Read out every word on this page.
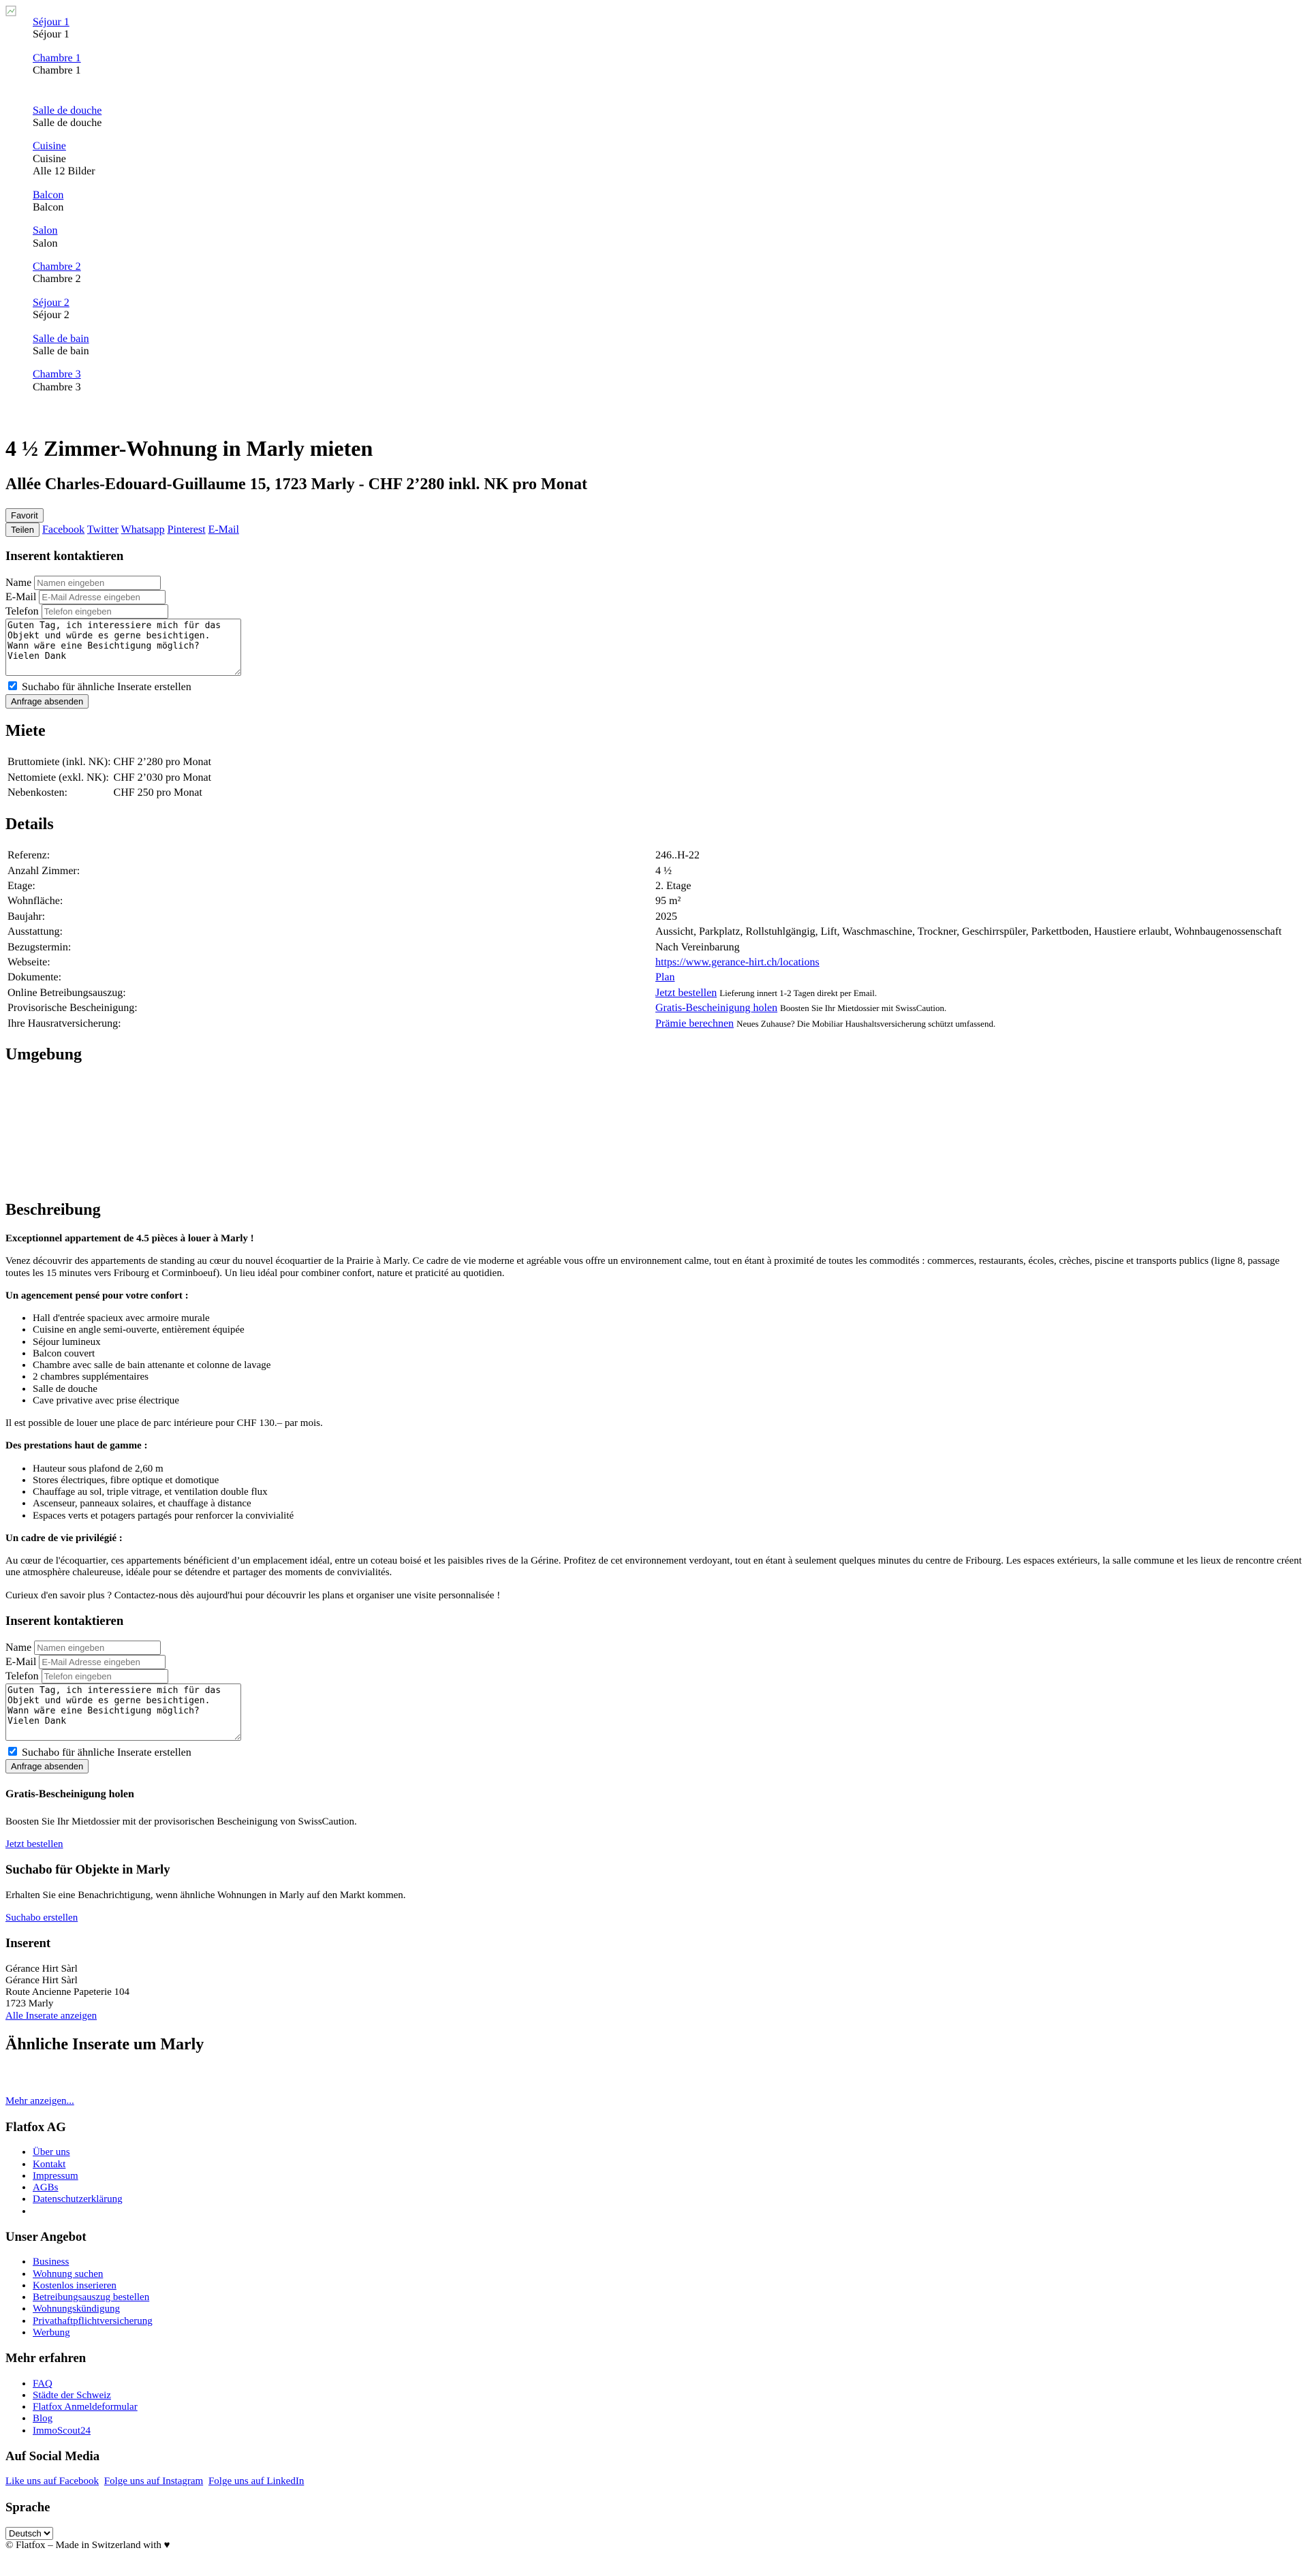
Séjour 1
Séjour 1
Chambre 1
Chambre 1
Salle de douche
Salle de douche
Cuisine
Cuisine
Alle 12 Bilder
Balcon
Balcon
Salon
Salon
Chambre 2
Chambre 2
Séjour 2
Séjour 2
Salle de bain
Salle de bain
Chambre 3
Chambre 3
4 ½ Zimmer-Wohnung in Marly mieten
Allée Charles-Edouard-Guillaume 15, 1723 Marly - CHF 2’280 inkl. NK pro Monat
Favorit
Teilen Facebook Twitter Whatsapp Pinterest E-Mail
Inserent kontaktieren
Name Namen eingeben
E-Mail E-Mail Adresse eingeben
Telefon Telefon eingeben
Guten Tag, ich interessiere mich für das Objekt und würde es gerne besichtigen. Wann wäre eine Besichtigung möglich? Vielen Dank
Suchabo für ähnliche Inserate erstellen
Anfrage absenden
Miete
Bruttomiete (inkl. NK):	CHF 2’280 pro Monat
Nettomiete (exkl. NK):	CHF 2’030 pro Monat
Nebenkosten:	CHF 250 pro Monat
Details
Referenz:	246..H-22
Anzahl Zimmer:	4 ½
Etage:	2. Etage
Wohnfläche:	95 m²
Baujahr:	2025
Ausstattung:	Aussicht, Parkplatz, Rollstuhlgängig, Lift, Waschmaschine, Trockner, Geschirrspüler, Parkettboden, Haustiere erlaubt, Wohnbaugenossenschaft
Bezugstermin:	Nach Vereinbarung
Webseite:	https://www.gerance-hirt.ch/locations
Dokumente:	Plan
Online Betreibungsauszug:	Jetzt bestellen Lieferung innert 1-2 Tagen direkt per Email.
Provisorische Bescheinigung:	Gratis-Bescheinigung holen Boosten Sie Ihr Mietdossier mit SwissCaution.
Ihre Hausratversicherung:	Prämie berechnen Neues Zuhause? Die Mobiliar Haushaltsversicherung schützt umfassend.
Umgebung
Beschreibung

Exceptionnel appartement de 4.5 pièces à louer à Marly !

Venez découvrir des appartements de standing au cœur du nouvel écoquartier de la Prairie à Marly. Ce cadre de vie moderne et agréable vous offre un environnement calme, tout en étant à proximité de toutes les commodités : commerces, restaurants, écoles, crèches, piscine et transports publics (ligne 8, passage toutes les 15 minutes vers Fribourg et Corminboeuf). Un lieu idéal pour combiner confort, nature et praticité au quotidien.

Un agencement pensé pour votre confort :

• Hall d'entrée spacieux avec armoire murale
• Cuisine en angle semi-ouverte, entièrement équipée
• Séjour lumineux
• Balcon couvert
• Chambre avec salle de bain attenante et colonne de lavage
• 2 chambres supplémentaires
• Salle de douche
• Cave privative avec prise électrique

Il est possible de louer une place de parc intérieure pour CHF 130.– par mois.

Des prestations haut de gamme :

• Hauteur sous plafond de 2,60 m
• Stores électriques, fibre optique et domotique
• Chauffage au sol, triple vitrage, et ventilation double flux
• Ascenseur, panneaux solaires, et chauffage à distance
• Espaces verts et potagers partagés pour renforcer la convivialité

Un cadre de vie privilégié :

Au cœur de l'écoquartier, ces appartements bénéficient d’un emplacement idéal, entre un coteau boisé et les paisibles rives de la Gérine. Profitez de cet environnement verdoyant, tout en étant à seulement quelques minutes du centre de Fribourg. Les espaces extérieurs, la salle commune et les lieux de rencontre créent une atmosphère chaleureuse, idéale pour se détendre et partager des moments de convivialités.

Curieux d'en savoir plus ? Contactez-nous dès aujourd'hui pour découvrir les plans et organiser une visite personnalisée !

Inserent kontaktieren
Name Namen eingeben
E-Mail E-Mail Adresse eingeben
Telefon Telefon eingeben
Guten Tag, ich interessiere mich für das Objekt und würde es gerne besichtigen. Wann wäre eine Besichtigung möglich? Vielen Dank
Suchabo für ähnliche Inserate erstellen
Anfrage absenden
Gratis-Bescheinigung holen

Boosten Sie Ihr Mietdossier mit der provisorischen Bescheinigung von SwissCaution.

Jetzt bestellen

Suchabo für Objekte in Marly

Erhalten Sie eine Benachrichtigung, wenn ähnliche Wohnungen in Marly auf den Markt kommen.

Suchabo erstellen

Inserent
Gérance Hirt Sàrl
Gérance Hirt Sàrl
Route Ancienne Papeterie 104
1723 Marly
Alle Inserate anzeigen
Ähnliche Inserate um Marly
Mehr anzeigen...
Flatfox AG
• Über uns
• Kontakt
• Impressum
• AGBs
• Datenschutzerklärung
•
Unser Angebot
• Business
• Wohnung suchen
• Kostenlos inserieren
• Betreibungsauszug bestellen
• Wohnungskündigung
• Privathaftpflichtversicherung
• Werbung
Mehr erfahren
• FAQ
• Städte der Schweiz
• Flatfox Anmeldeformular
• Blog
• ImmoScout24
Auf Social Media
Like uns auf Facebook Folge uns auf Instagram Folge uns auf LinkedIn
Sprache
Deutsch
© Flatfox – Made in Switzerland with ♥
